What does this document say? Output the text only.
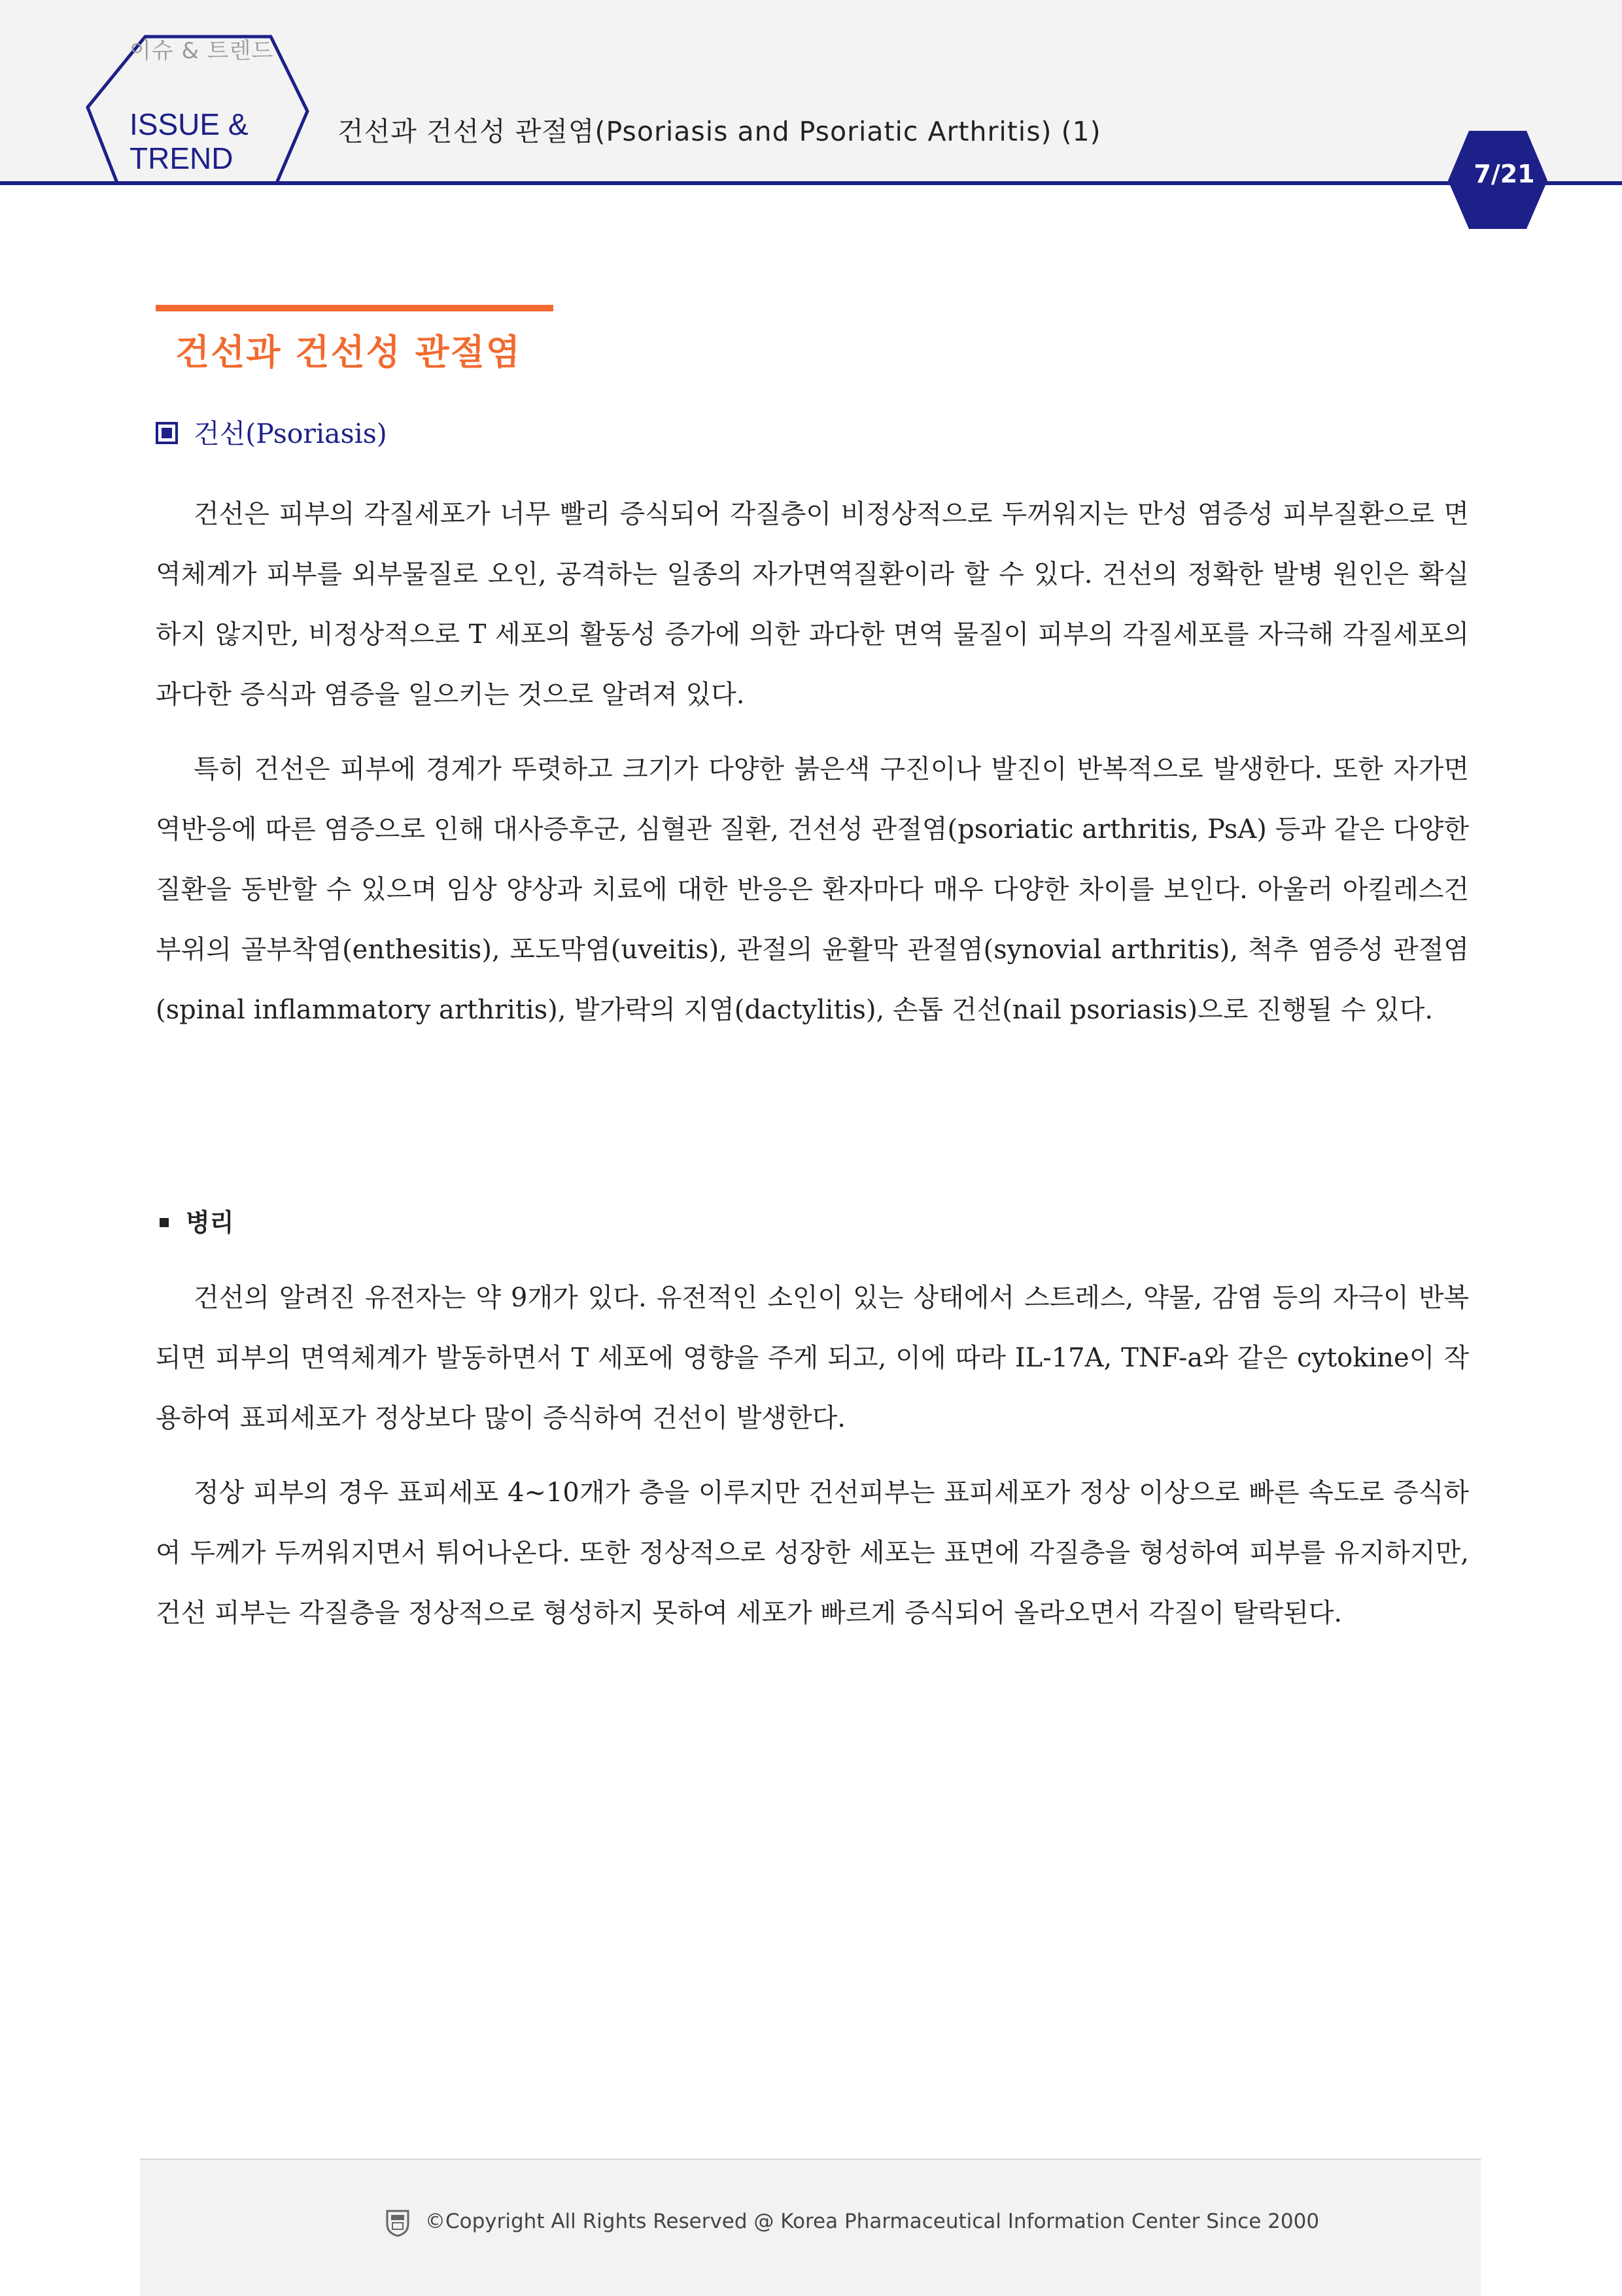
이슈 & 트렌드
ISSUE &
TREND
건선과 건선성 관절염(Psoriasis and Psoriatic Arthritis) (1)
7/21
건선과 건선성 관절염
건선(Psoriasis)

건선은 피부의 각질세포가 너무 빨리 증식되어 각질층이 비정상적으로 두꺼워지는 만성 염증성 피부질환으로 면역체계가 피부를 외부물질로 오인, 공격하는 일종의 자가면역질환이라 할 수 있다. 건선의 정확한 발병 원인은 확실하지 않지만, 비정상적으로 T 세포의 활동성 증가에 의한 과다한 면역 물질이 피부의 각질세포를 자극해 각질세포의 과다한 증식과 염증을 일으키는 것으로 알려져 있다.

특히 건선은 피부에 경계가 뚜렷하고 크기가 다양한 붉은색 구진이나 발진이 반복적으로 발생한다. 또한 자가면역반응에 따른 염증으로 인해 대사증후군, 심혈관 질환, 건선성 관절염(psoriatic arthritis, PsA) 등과 같은 다양한 질환을 동반할 수 있으며 임상 양상과 치료에 대한 반응은 환자마다 매우 다양한 차이를 보인다. 아울러 아킬레스건 부위의 골부착염(enthesitis), 포도막염(uveitis), 관절의 윤활막 관절염(synovial arthritis), 척추 염증성 관절염(spinal inflammatory arthritis), 발가락의 지염(dactylitis), 손톱 건선(nail psoriasis)으로 진행될 수 있다.

병리

건선의 알려진 유전자는 약 9개가 있다. 유전적인 소인이 있는 상태에서 스트레스, 약물, 감염 등의 자극이 반복되면 피부의 면역체계가 발동하면서 T 세포에 영향을 주게 되고, 이에 따라 IL-17A, TNF-a와 같은 cytokine이 작용하여 표피세포가 정상보다 많이 증식하여 건선이 발생한다.

정상 피부의 경우 표피세포 4~10개가 층을 이루지만 건선피부는 표피세포가 정상 이상으로 빠른 속도로 증식하여 두께가 두꺼워지면서 튀어나온다. 또한 정상적으로 성장한 세포는 표면에 각질층을 형성하여 피부를 유지하지만, 건선 피부는 각질층을 정상적으로 형성하지 못하여 세포가 빠르게 증식되어 올라오면서 각질이 탈락된다.

©Copyright All Rights Reserved @ Korea Pharmaceutical Information Center Since 2000
